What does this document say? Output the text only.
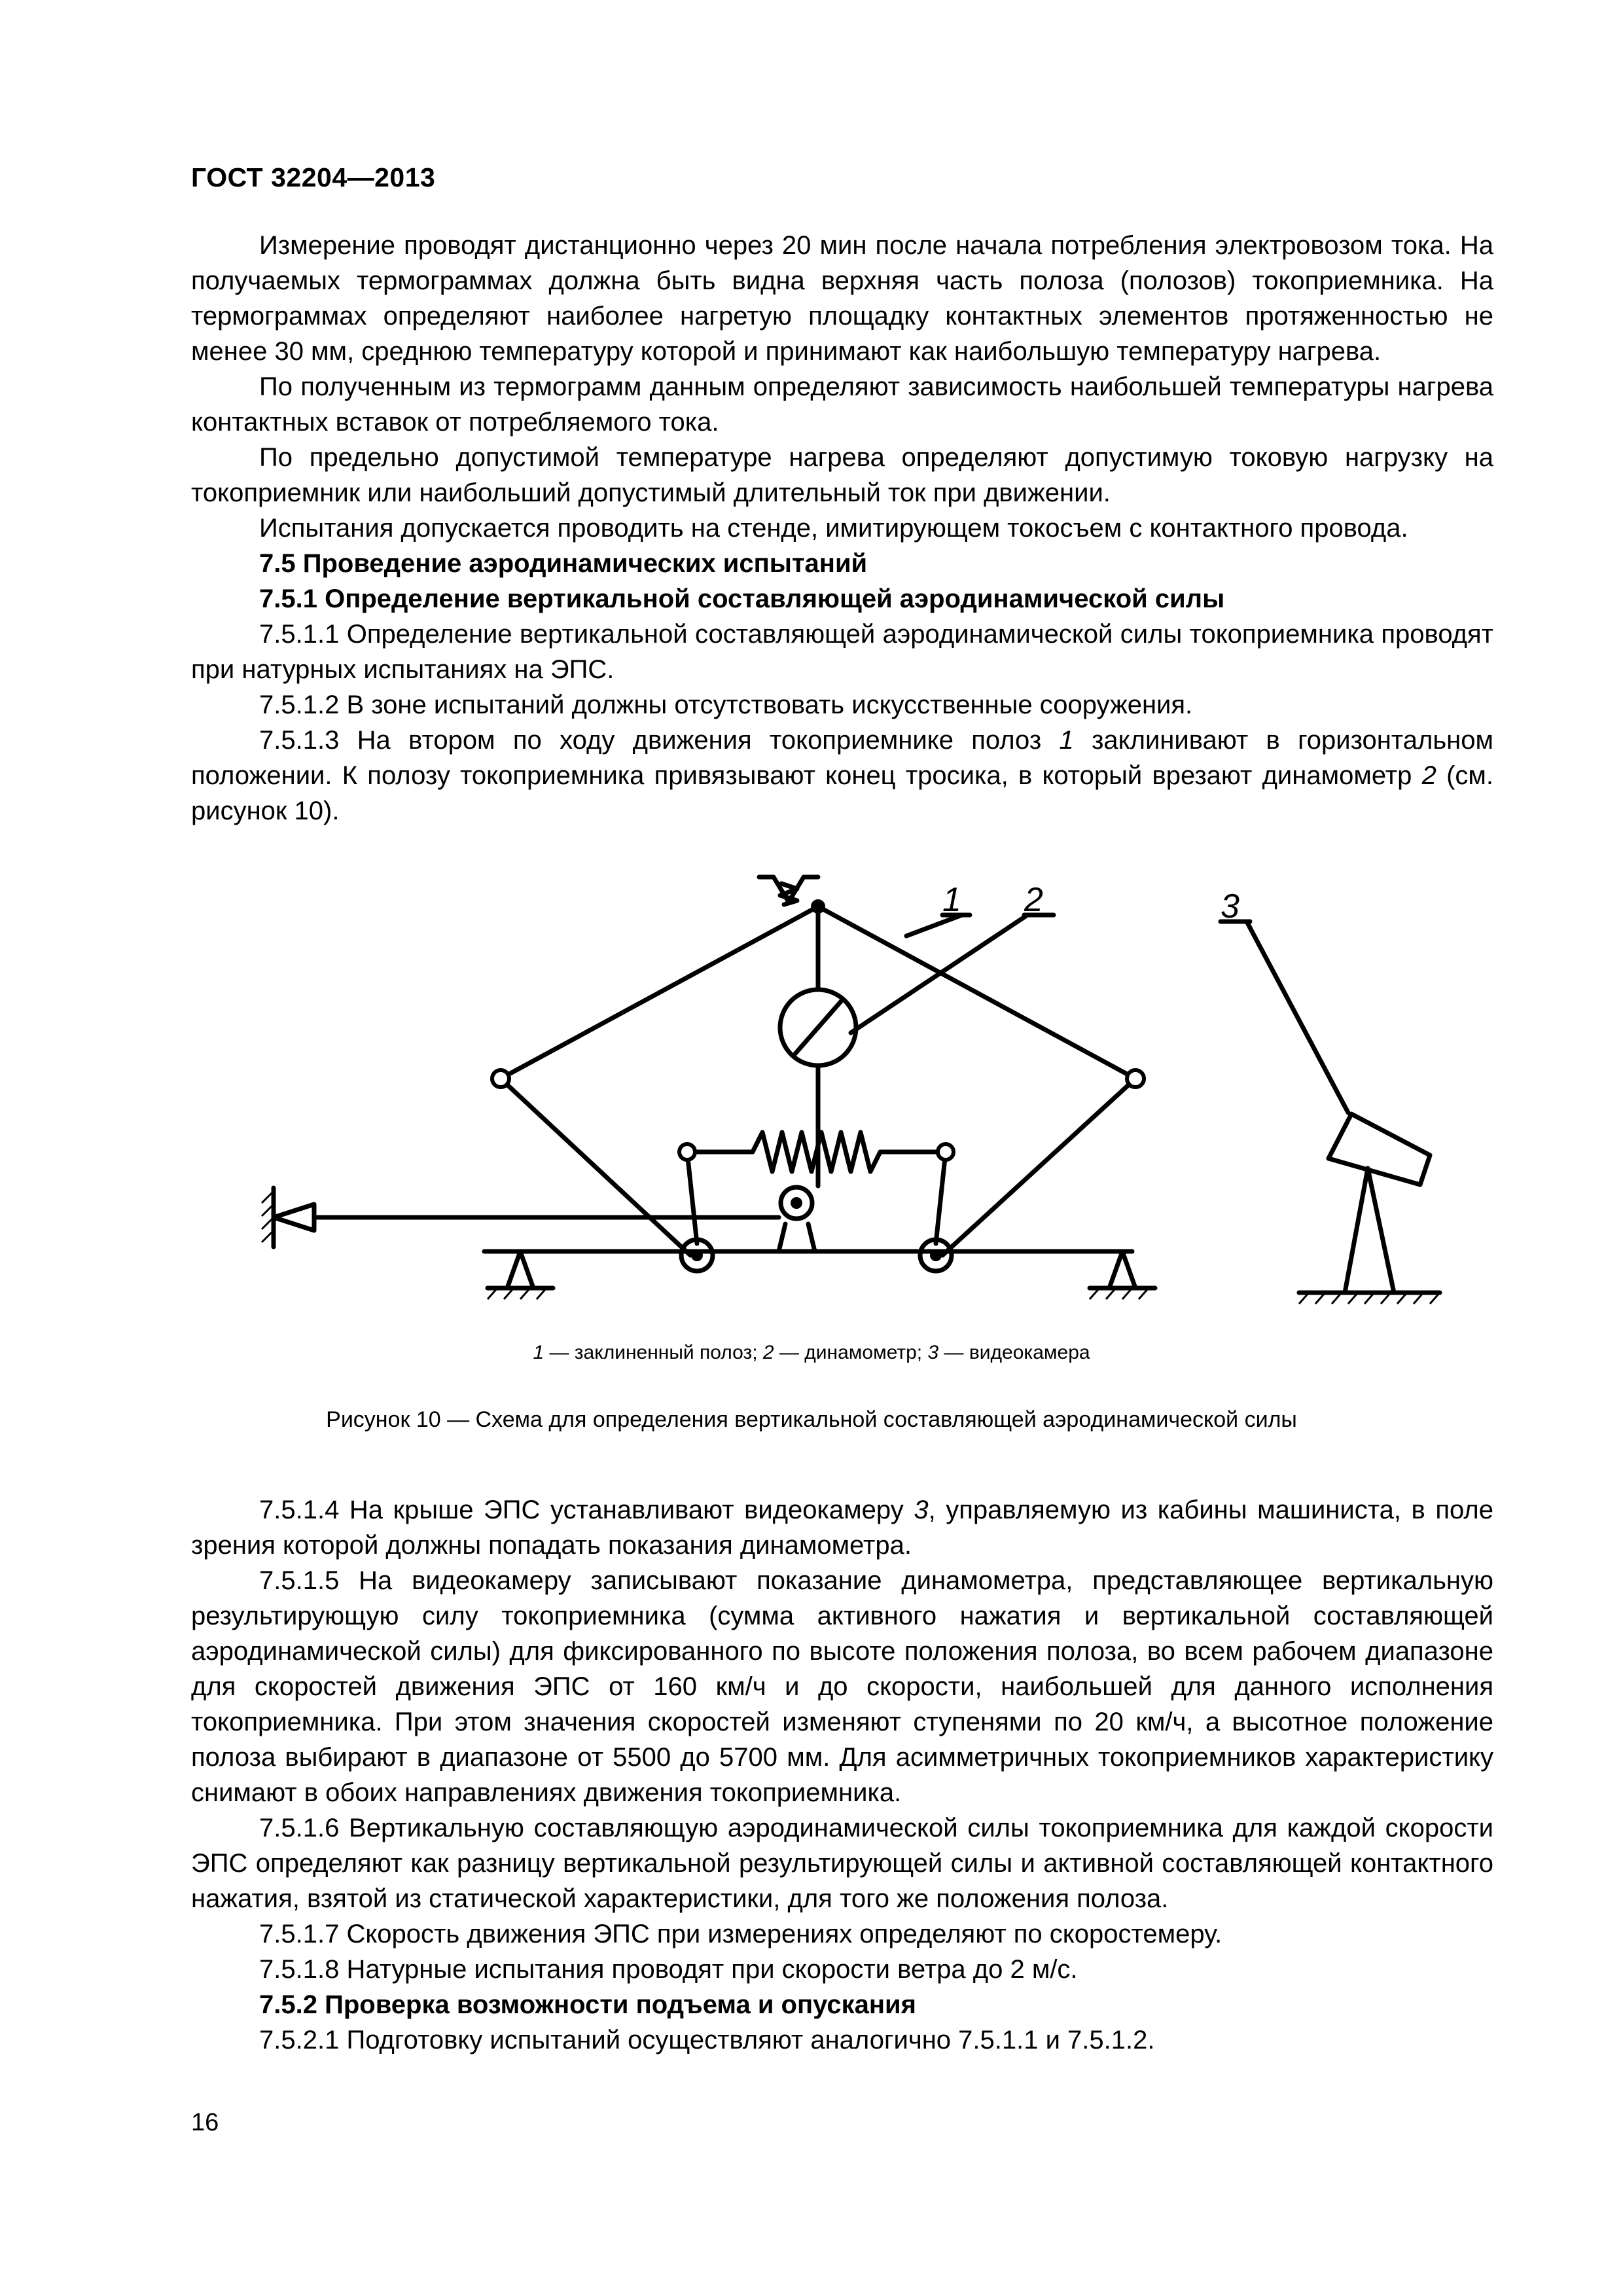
ГОСТ 32204—2013

Измерение проводят дистанционно через 20 мин после начала потребления электровозом тока. На получаемых термограммах должна быть видна верхняя часть полоза (полозов) токоприемника. На термограммах определяют наиболее нагретую площадку контактных элементов протяженностью не менее 30 мм, среднюю температуру которой и принимают как наибольшую температуру нагрева.

По полученным из термограмм данным определяют зависимость наибольшей температуры нагрева контактных вставок от потребляемого тока.

По предельно допустимой температуре нагрева определяют допустимую токовую нагрузку на токоприемник или наибольший допустимый длительный ток при движении.

Испытания допускается проводить на стенде, имитирующем токосъем с контактного провода.

7.5 Проведение аэродинамических испытаний

7.5.1 Определение вертикальной составляющей аэродинамической силы

7.5.1.1 Определение вертикальной составляющей аэродинамической силы токоприемника проводят при натурных испытаниях на ЭПС.

7.5.1.2 В зоне испытаний должны отсутствовать искусственные сооружения.

7.5.1.3 На втором по ходу движения токоприемнике полоз 1 заклинивают в горизонтальном положении. К полозу токоприемника привязывают конец тросика, в который врезают динамометр 2 (см. рисунок 10).

1 2	3
1 — заклиненный полоз; 2 — динамометр; 3 — видеокамера
Рисунок 10 — Схема для определения вертикальной составляющей аэродинамической силы

7.5.1.4 На крыше ЭПС устанавливают видеокамеру 3, управляемую из кабины машиниста, в поле зрения которой должны попадать показания динамометра.

7.5.1.5 На видеокамеру записывают показание динамометра, представляющее вертикальную результирующую силу токоприемника (сумма активного нажатия и вертикальной составляющей аэродинамической силы) для фиксированного по высоте положения полоза, во всем рабочем диапазоне для скоростей движения ЭПС от 160 км/ч и до скорости, наибольшей для данного исполнения токоприемника. При этом значения скоростей изменяют ступенями по 20 км/ч, а высотное положение полоза выбирают в диапазоне от 5500 до 5700 мм. Для асимметричных токоприемников характеристику снимают в обоих направлениях движения токоприемника.

7.5.1.6 Вертикальную составляющую аэродинамической силы токоприемника для каждой скорости ЭПС определяют как разницу вертикальной результирующей силы и активной составляющей контактного нажатия, взятой из статической характеристики, для того же положения полоза.

7.5.1.7 Скорость движения ЭПС при измерениях определяют по скоростемеру.

7.5.1.8 Натурные испытания проводят при скорости ветра до 2 м/с.

7.5.2 Проверка возможности подъема и опускания

7.5.2.1 Подготовку испытаний осуществляют аналогично 7.5.1.1 и 7.5.1.2.

16
